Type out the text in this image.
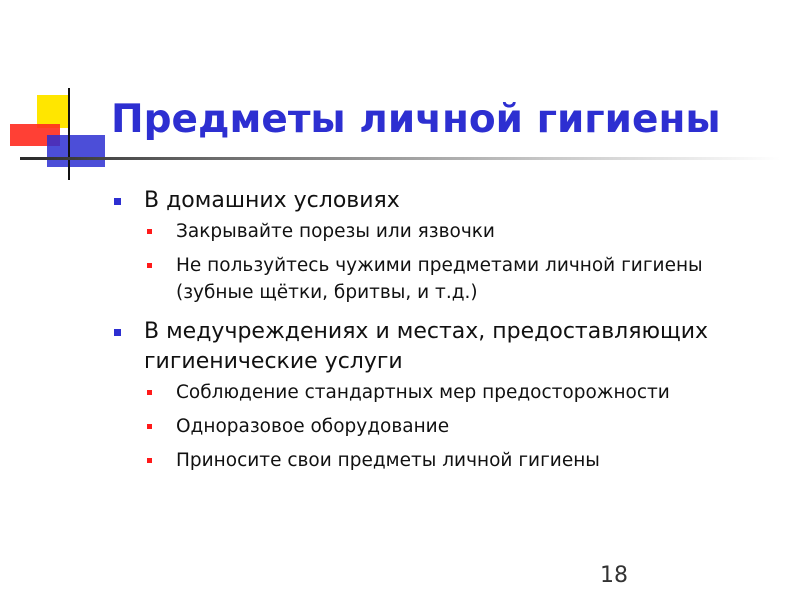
Предметы личной гигиены
В домашних условиях
Закрывайте порезы или язвочки
Не пользуйтесь чужими предметами личной гигиены (зубные щётки, бритвы, и т.д.)
В медучреждениях и местах, предоставляющих гигиенические услуги
Соблюдение стандартных мер предосторожности
Одноразовое оборудование
Приносите свои предметы личной гигиены
18
